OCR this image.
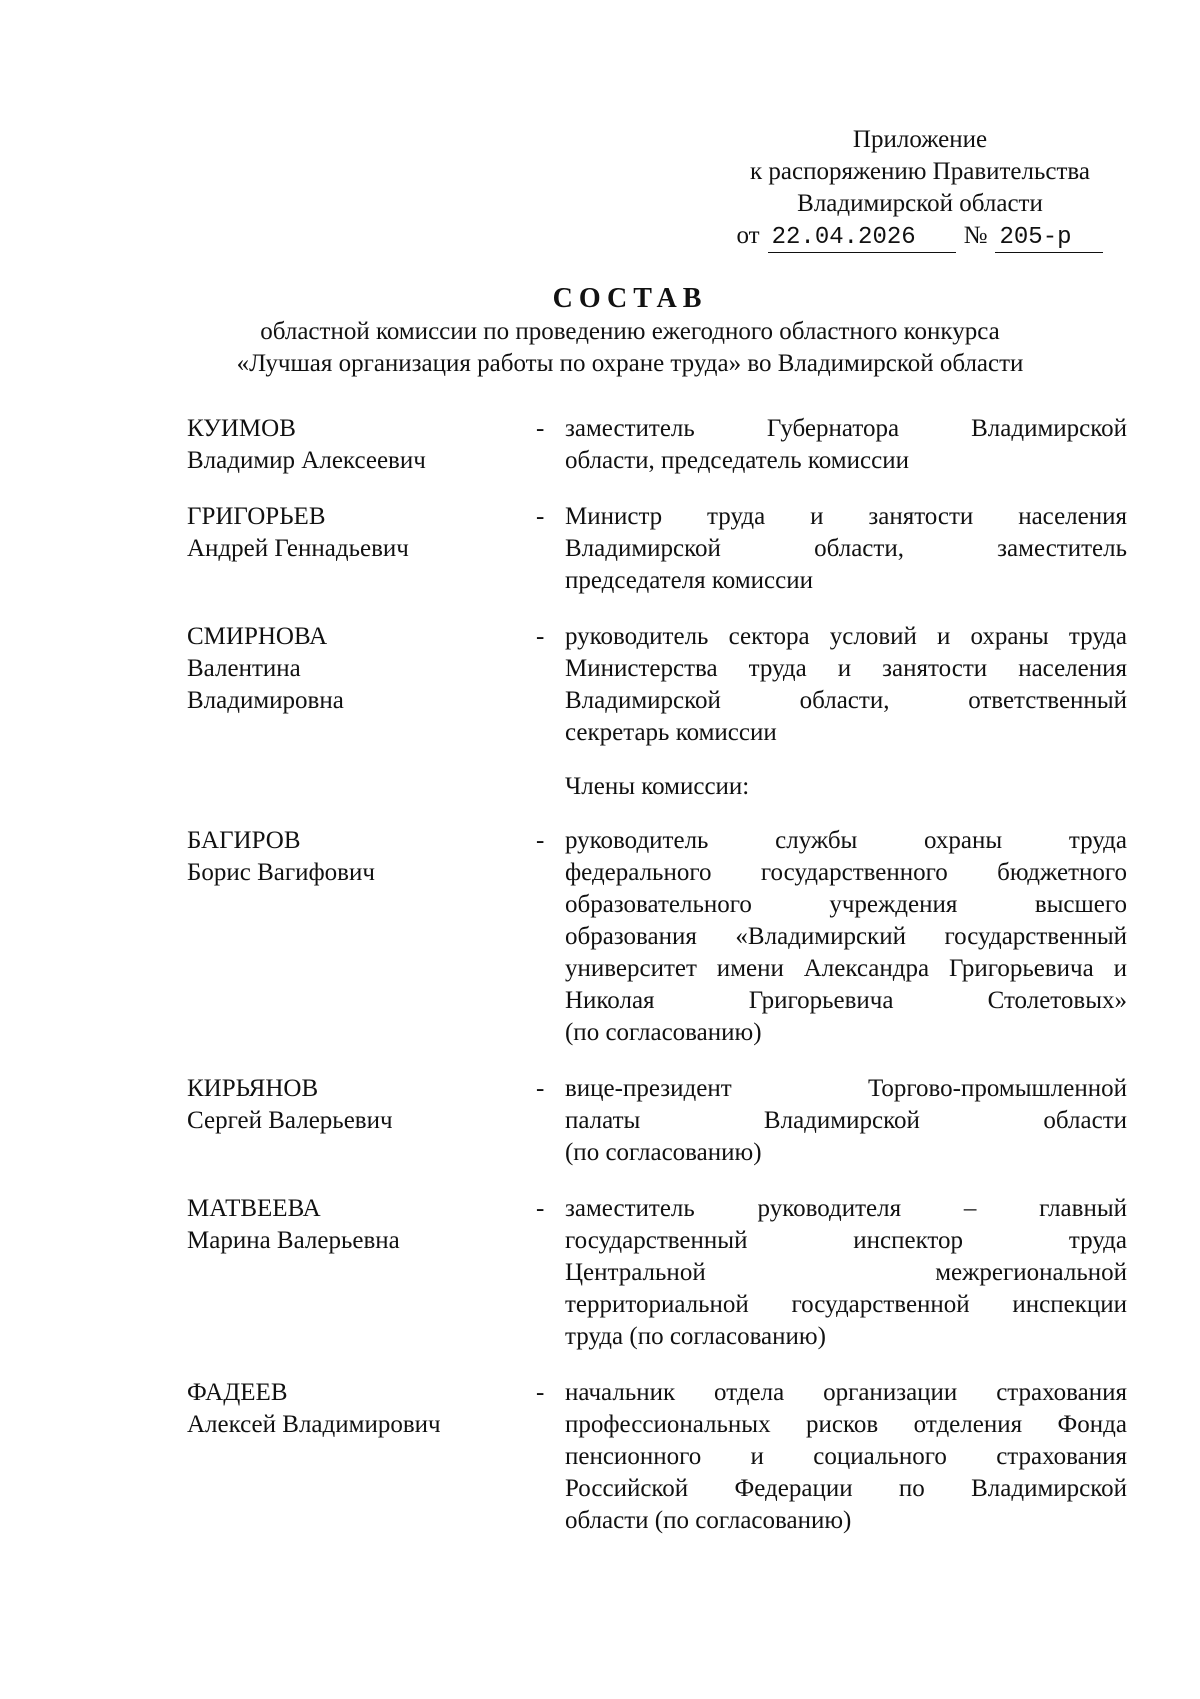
Приложение
к распоряжению Правительства
Владимирской области
от 22.04.2026	№ 205-р
СОСТАВ
областной комиссии по проведению ежегодного областного конкурса
«Лучшая организация работы по охране труда» во Владимирской области
КУИМОВ
Владимир Алексеевич
- заместитель Губернатора Владимирской
области, председатель комиссии
ГРИГОРЬЕВ
Андрей Геннадьевич
- Министр труда и занятости населения
Владимирской области, заместитель
председателя комиссии
СМИРНОВА
Валентина
Владимировна
- руководитель сектора условий и охраны труда
Министерства труда и занятости населения
Владимирской области, ответственный
секретарь комиссии
Члены комиссии:
БАГИРОВ
Борис Вагифович
- руководитель службы охраны труда
федерального государственного бюджетного
образовательного учреждения высшего
образования «Владимирский государственный
университет имени Александра Григорьевича и
Николая Григорьевича Столетовых»
(по согласованию)
КИРЬЯНОВ
Сергей Валерьевич
- вице-президент Торгово-промышленной
палаты Владимирской области
(по согласованию)
МАТВЕЕВА
Марина Валерьевна
- заместитель руководителя – главный
государственный инспектор труда
Центральной межрегиональной
территориальной государственной инспекции
труда (по согласованию)
ФАДЕЕВ
Алексей Владимирович
- начальник отдела организации страхования
профессиональных рисков отделения Фонда
пенсионного и социального страхования
Российской Федерации по Владимирской
области (по согласованию)
